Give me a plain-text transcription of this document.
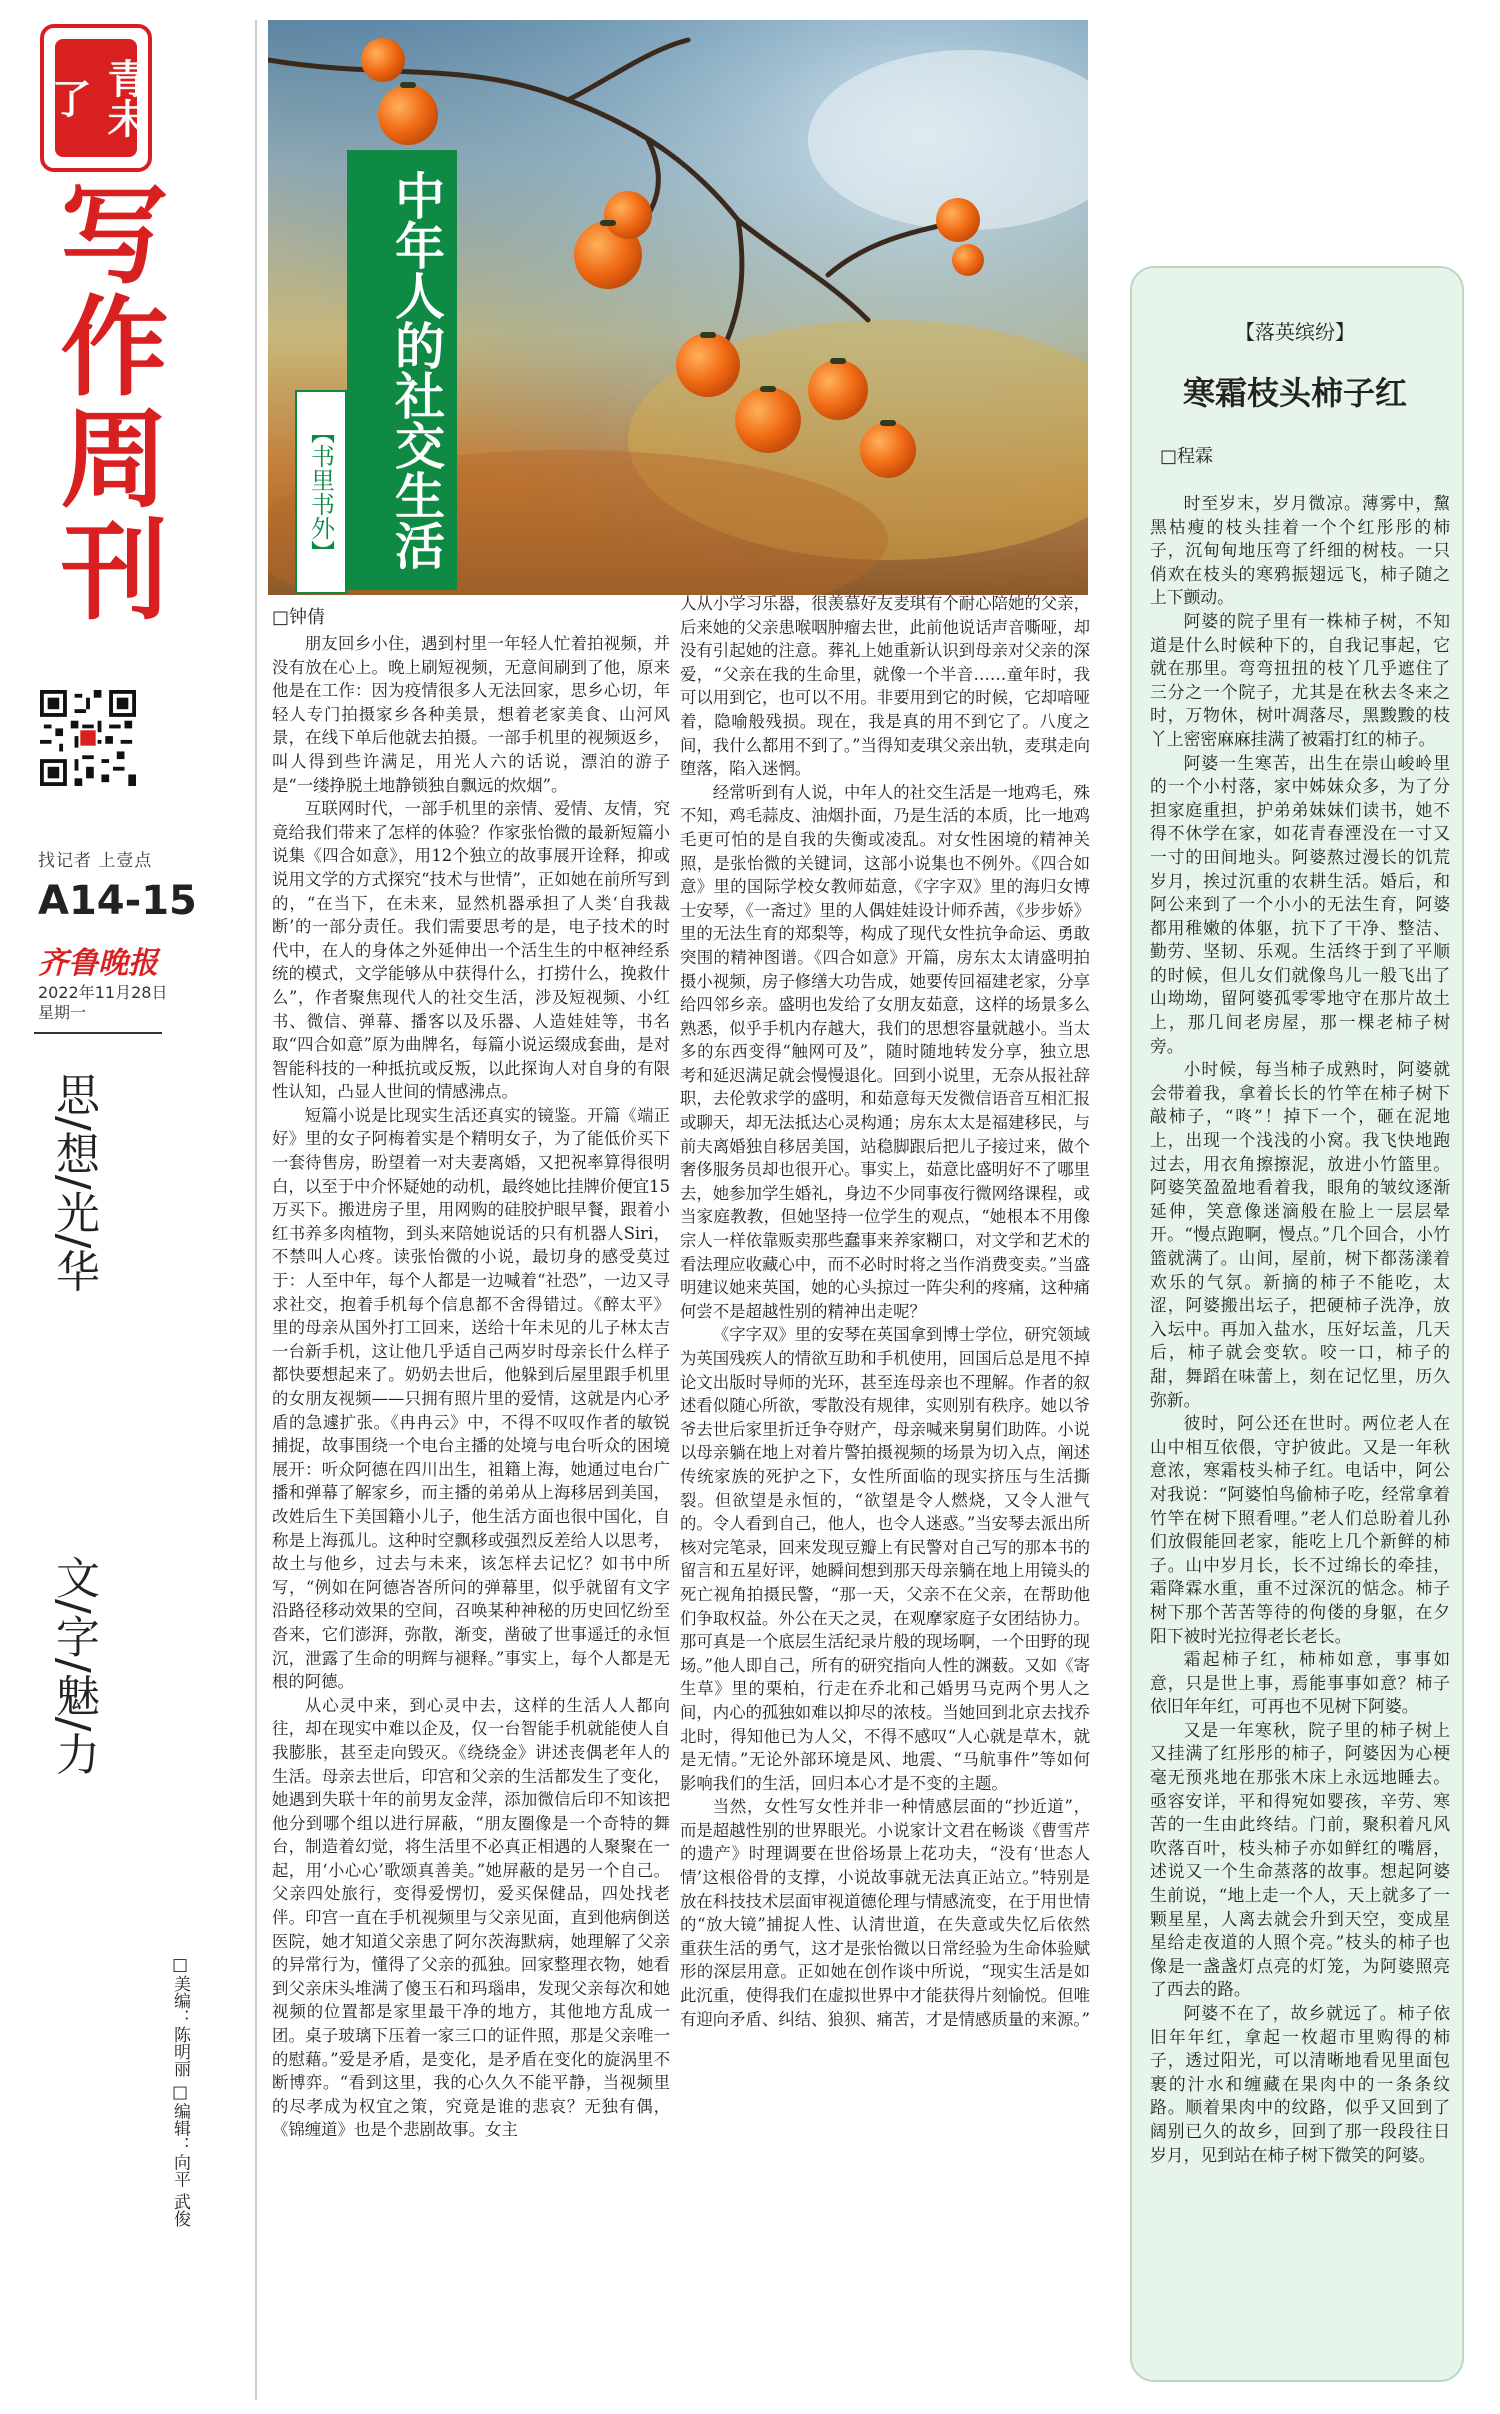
青未了
写作周刊
找记者 上壹点
A14-15
齐鲁晚报
2022年11月28日
星期一
思/想/光/华
文/字/魅/力
□美编：陈明丽 □编辑：向平 武俊
中年人的社交生活
【书里书外】
□钟倩

朋友回乡小住，遇到村里一年轻人忙着拍视频，并没有放在心上。晚上刷短视频，无意间刷到了他，原来他是在工作：因为疫情很多人无法回家，思乡心切，年轻人专门拍摄家乡各种美景，想着老家美食、山河风景，在线下单后他就去拍摄。一部手机里的视频返乡，叫人得到些许满足，用光人六的话说，漂泊的游子是“一缕挣脱土地静锁独自飘远的炊烟”。

互联网时代，一部手机里的亲情、爱情、友情，究竟给我们带来了怎样的体验？作家张怡微的最新短篇小说集《四合如意》，用12个独立的故事展开诠释，抑或说用文学的方式探究“技术与世情”，正如她在前所写到的，“在当下，在未来，显然机器承担了人类‘自我裁断’的一部分责任。我们需要思考的是，电子技术的时代中，在人的身体之外延伸出一个活生生的中枢神经系统的模式，文学能够从中获得什么，打捞什么，挽救什么”，作者聚焦现代人的社交生活，涉及短视频、小红书、微信、弹幕、播客以及乐器、人造娃娃等，书名取“四合如意”原为曲牌名，每篇小说运缀成套曲，是对智能科技的一种抵抗或反叛，以此探询人对自身的有限性认知，凸显人世间的情感沸点。

短篇小说是比现实生活还真实的镜鉴。开篇《端正好》里的女子阿梅着实是个精明女子，为了能低价买下一套待售房，盼望着一对夫妻离婚，又把祝率算得很明白，以至于中介怀疑她的动机，最终她比挂牌价便宜15万买下。搬进房子里，用网购的硅胶护眼早餐，跟着小红书养多肉植物，到头来陪她说话的只有机器人Siri，不禁叫人心疼。读张怡微的小说，最切身的感受莫过于：人至中年，每个人都是一边喊着“社恐”，一边又寻求社交，抱着手机每个信息都不舍得错过。《醉太平》里的母亲从国外打工回来，送给十年未见的儿子林太吉一台新手机，这让他几乎适自己两岁时母亲长什么样子都快要想起来了。奶奶去世后，他躲到后屋里跟手机里的女朋友视频——只拥有照片里的爱情，这就是内心矛盾的急遽扩张。《冉冉云》中，不得不叹叹作者的敏锐捕捉，故事围绕一个电台主播的处境与电台听众的困境展开：听众阿德在四川出生，祖籍上海，她通过电台广播和弹幕了解家乡，而主播的弟弟从上海移居到美国，改姓后生下美国籍小儿子，他生活方面也很中国化，自称是上海孤儿。这种时空飘移或强烈反差给人以思考，故土与他乡，过去与未来，该怎样去记忆？如书中所写，“例如在阿德峇峇所问的弹幕里，似乎就留有文字沿路径移动效果的空间，召唤某种神秘的历史回忆纷至沓来，它们澎湃，弥散，渐变，凿破了世事遥迁的永恒沉，泄露了生命的明辉与褪释。”事实上，每个人都是无根的阿德。

从心灵中来，到心灵中去，这样的生活人人都向往，却在现实中难以企及，仅一台智能手机就能使人自我膨胀，甚至走向毁灭。《绕绕金》讲述丧偶老年人的生活。母亲去世后，印宫和父亲的生活都发生了变化，她遇到失联十年的前男友金萍，添加微信后印不知该把他分到哪个组以进行屏蔽，“朋友圈像是一个奇特的舞台，制造着幻觉，将生活里不必真正相遇的人聚聚在一起，用‘小心心’歌颂真善美。”她屏蔽的是另一个自己。父亲四处旅行，变得爱愣忉，爱买保健品，四处找老伴。印宫一直在手机视频里与父亲见面，直到他病倒送医院，她才知道父亲患了阿尔茨海默病，她理解了父亲的异常行为，懂得了父亲的孤独。回家整理衣物，她看到父亲床头堆满了傻玉石和玛瑙串，发现父亲每次和她视频的位置都是家里最干净的地方，其他地方乱成一团。桌子玻璃下压着一家三口的证件照，那是父亲唯一的慰藉。”爱是矛盾，是变化，是矛盾在变化的旋涡里不断博弈。“看到这里，我的心久久不能平静，当视频里的尽孝成为权宜之策，究竟是谁的悲哀？无独有偶，《锦缠道》也是个悲剧故事。女主

人从小学习乐器，很羡慕好友麦琪有个耐心陪她的父亲，后来她的父亲患喉咽肿瘤去世，此前他说话声音嘶哑，却没有引起她的注意。葬礼上她重新认识到母亲对父亲的深爱，“父亲在我的生命里，就像一个半音……童年时，我可以用到它，也可以不用。非要用到它的时候，它却喑哑着，隐喻般残损。现在，我是真的用不到它了。八度之间，我什么都用不到了。”当得知麦琪父亲出轨，麦琪走向堕落，陷入迷惘。

经常听到有人说，中年人的社交生活是一地鸡毛，殊不知，鸡毛蒜皮、油烟扑面，乃是生活的本质，比一地鸡毛更可怕的是自我的失衡或凌乱。对女性困境的精神关照，是张怡微的关键词，这部小说集也不例外。《四合如意》里的国际学校女教师茹意，《字字双》里的海归女博士安琴，《一斋过》里的人偶娃娃设计师乔茜，《步步娇》里的无法生育的郑梨等，构成了现代女性抗争命运、勇敢突围的精神图谱。《四合如意》开篇，房东太太请盛明拍摄小视频，房子修缮大功告成，她要传回福建老家，分享给四邻乡亲。盛明也发给了女朋友茹意，这样的场景多么熟悉，似乎手机内存越大，我们的思想容量就越小。当太多的东西变得“触网可及”，随时随地转发分享，独立思考和延迟满足就会慢慢退化。回到小说里，无奈从报社辞职，去伦敦求学的盛明，和茹意每天发微信语音互相汇报或聊天，却无法抵达心灵构通；房东太太是福建移民，与前夫离婚独自移居美国，站稳脚跟后把儿子接过来，做个奢侈服务员却也很开心。事实上，茹意比盛明好不了哪里去，她参加学生婚礼，身边不少同事夜行微网络课程，或当家庭教教，但她坚持一位学生的观点，“她根本不用像宗人一样依靠贩卖那些蠢事来养家糊口，对文学和艺术的看法理应收藏心中，而不必时时将之当作消费变卖。”当盛明建议她来英国，她的心头掠过一阵尖利的疼痛，这种痛何尝不是超越性别的精神出走呢？

《字字双》里的安琴在英国拿到博士学位，研究领域为英国残疾人的情欲互助和手机使用，回国后总是甩不掉论文出版时导师的光环，甚至连母亲也不理解。作者的叙述看似随心所欲，零散没有规律，实则别有秩序。她以爷爷去世后家里折迁争夺财产，母亲喊来舅舅们助阵。小说以母亲躺在地上对着片警拍摄视频的场景为切入点，阐述传统家族的死护之下，女性所面临的现实挤压与生活撕裂。但欲望是永恒的，“欲望是令人燃烧，又令人泄气的。令人看到自己，他人，也令人迷惑。”当安琴去派出所核对完笔录，回来发现豆瓣上有民警对自己写的那本书的留言和五星好评，她瞬间想到那天母亲躺在地上用镜头的死亡视角拍摄民警，“那一天，父亲不在父亲，在帮助他们争取权益。外公在天之灵，在观摩家庭子女团结协力。那可真是一个底层生活纪录片般的现场啊，一个田野的现场。”他人即自己，所有的研究指向人性的渊薮。又如《寄生草》里的栗柏，行走在乔北和己婚男马克两个男人之间，内心的孤独如难以抑尽的浓枝。当她回到北京去找乔北时，得知他已为人父，不得不感叹“人心就是草木，就是无情。”无论外部环境是风、地震、“马航事件”等如何影响我们的生活，回归本心才是不变的主题。

当然，女性写女性并非一种情感层面的“抄近道”，而是超越性别的世界眼光。小说家计文君在畅谈《曹雪芹的遗产》时理调要在世俗场景上花功夫，“没有‘世态人情’这根俗骨的支撑，小说故事就无法真正站立。”特别是放在科技技术层面审视道德伦理与情感流变，在于用世情的“放大镜”捕捉人性、认清世道，在失意或失忆后依然重获生活的勇气，这才是张怡微以日常经验为生命体验赋形的深层用意。正如她在创作谈中所说，“现实生活是如此沉重，使得我们在虚拟世界中才能获得片刻愉悦。但唯有迎向矛盾、纠结、狼狈、痛苦，才是情感质量的来源。”

【落英缤纷】
寒霜枝头柿子红
□程霖

时至岁末，岁月微凉。薄雾中，黧黑枯瘦的枝头挂着一个个红彤彤的柿子，沉甸甸地压弯了纤细的树枝。一只俏欢在枝头的寒鸦振翅远飞，柿子随之上下颤动。

阿婆的院子里有一株柿子树，不知道是什么时候种下的，自我记事起，它就在那里。弯弯扭扭的枝丫几乎遮住了三分之一个院子，尤其是在秋去冬来之时，万物休，树叶凋落尽，黑黢黢的枝丫上密密麻麻挂满了被霜打红的柿子。

阿婆一生寒苦，出生在崇山峻岭里的一个小村落，家中姊妹众多，为了分担家庭重担，护弟弟妹妹们读书，她不得不休学在家，如花青春湮没在一寸又一寸的田间地头。阿婆熬过漫长的饥荒岁月，挨过沉重的农耕生活。婚后，和阿公来到了一个小小的无法生育，阿婆都用稚嫩的体躯，抗下了干净、整洁、勤劳、坚韧、乐观。生活终于到了平顺的时候，但儿女们就像鸟儿一般飞出了山坳坳，留阿婆孤零零地守在那片故土上，那几间老房屋，那一棵老柿子树旁。

小时候，每当柿子成熟时，阿婆就会带着我，拿着长长的竹竿在柿子树下敲柿子，“咚”！掉下一个，砸在泥地上，出现一个浅浅的小窝。我飞快地跑过去，用衣角擦擦泥，放进小竹篮里。阿婆笑盈盈地看着我，眼角的皱纹逐渐延伸，笑意像迷滴般在脸上一层层晕开。“慢点跑啊，慢点。”几个回合，小竹篮就满了。山间，屋前，树下都荡漾着欢乐的气氛。新摘的柿子不能吃，太涩，阿婆搬出坛子，把硬柿子洗净，放入坛中。再加入盐水，压好坛盖，几天后，柿子就会变软。咬一口，柿子的甜，舞蹈在味蕾上，刻在记忆里，历久弥新。

彼时，阿公还在世时。两位老人在山中相互依偎，守护彼此。又是一年秋意浓，寒霜枝头柿子红。电话中，阿公对我说：“阿婆怕鸟偷柿子吃，经常拿着竹竿在树下照看哩。”老人们总盼着儿孙们放假能回老家，能吃上几个新鲜的柿子。山中岁月长，长不过绵长的牵挂，霜降霖水重，重不过深沉的惦念。柿子树下那个苦苦等待的佝偻的身躯，在夕阳下被时光拉得老长老长。

霜起柿子红，柿柿如意，事事如意，只是世上事，焉能事事如意？柿子依旧年年红，可再也不见树下阿婆。

又是一年寒秋，院子里的柿子树上又挂满了红彤彤的柿子，阿婆因为心梗毫无预兆地在那张木床上永远地睡去。亟容安详，平和得宛如婴孩，辛劳、寒苦的一生由此终结。门前，聚积着凡风吹落百叶，枝头柿子亦如鲜红的嘴唇，述说又一个生命蒸落的故事。想起阿婆生前说，“地上走一个人，天上就多了一颗星星，人离去就会升到天空，变成星星给走夜道的人照个亮。”枝头的柿子也像是一盏盏灯点亮的灯笼，为阿婆照亮了西去的路。

阿婆不在了，故乡就远了。柿子依旧年年红，拿起一枚超市里购得的柿子，透过阳光，可以清晰地看见里面包裹的汁水和缠藏在果肉中的一条条纹路。顺着果肉中的纹路，似乎又回到了阔别已久的故乡，回到了那一段段往日岁月，见到站在柿子树下微笑的阿婆。
